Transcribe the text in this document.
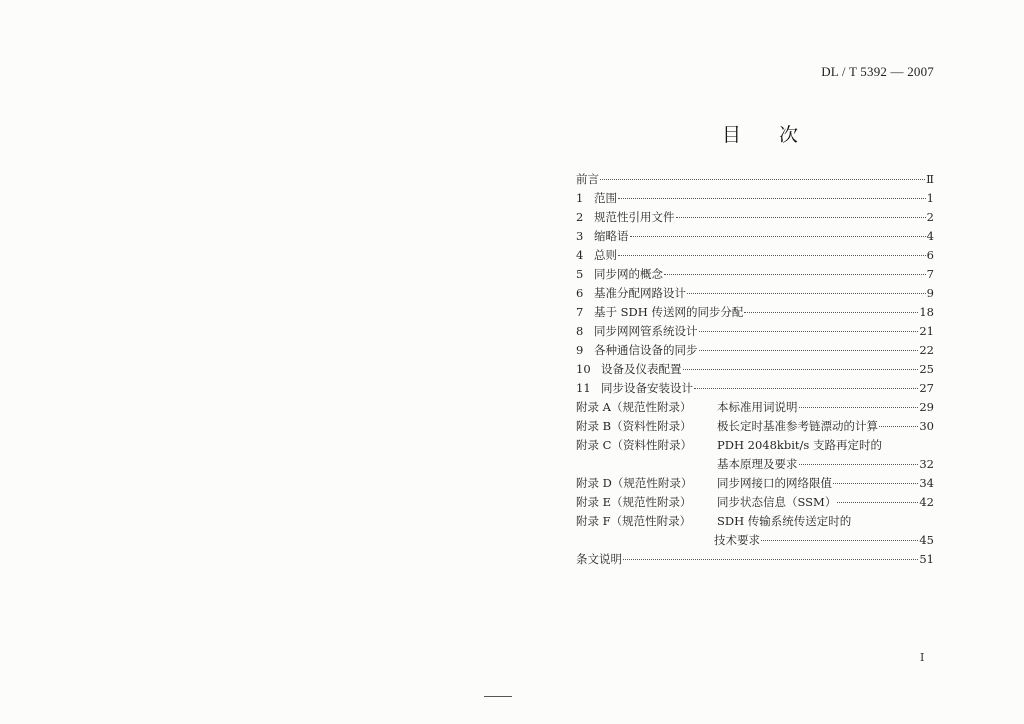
DL / T 5392 — 2007
目　　次
前言	Ⅱ
1 范围	1
2 规范性引用文件	2
3 缩略语	4
4 总则	6
5 同步网的概念	7
6 基准分配网路设计	9
7 基于 SDH 传送网的同步分配	18
8 同步网网管系统设计	21
9 各种通信设备的同步	22
10 设备及仪表配置	25
11 同步设备安装设计	27
附录 A（规范性附录）	本标准用词说明	29
附录 B（资料性附录）	极长定时基准参考链漂动的计算	30
附录 C（资料性附录）	PDH 2048kbit/s 支路再定时的
基本原理及要求	32
附录 D（规范性附录）	同步网接口的网络限值	34
附录 E（规范性附录）	同步状态信息（SSM）	42
附录 F（规范性附录）	SDH 传输系统传送定时的
技术要求	45
条文说明	51
I
